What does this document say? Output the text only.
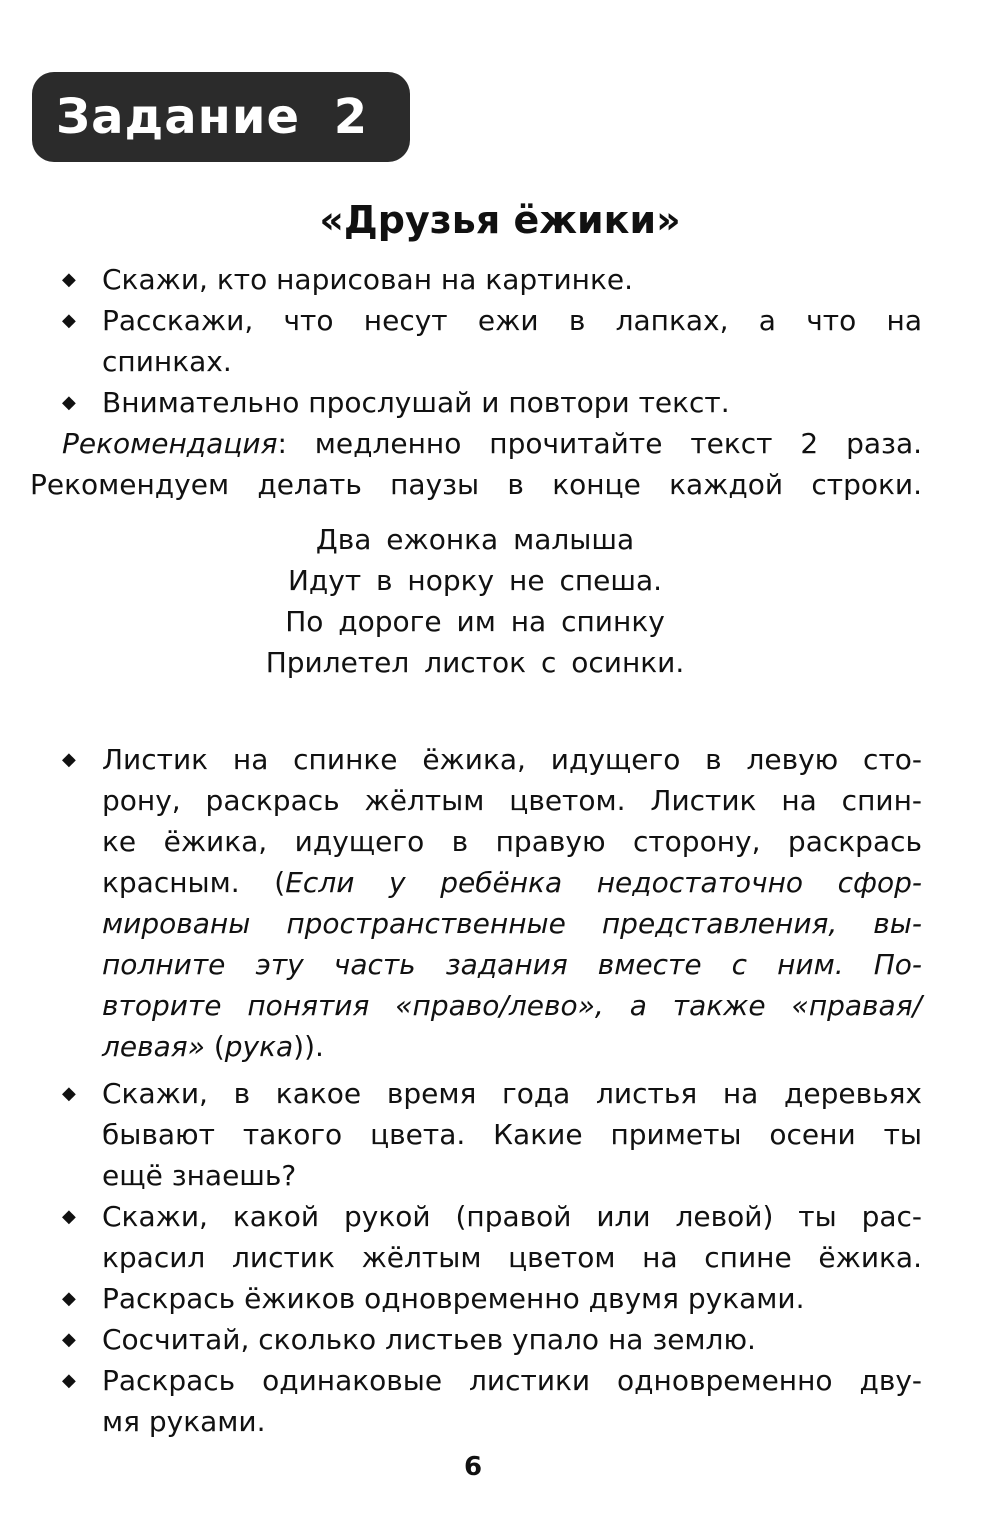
Задание 2
«Друзья ёжики»
◆ Скажи, кто нарисован на картинке.
◆ Расскажи, что несут ежи в лапках, а что на
спинках.
◆ Внимательно прослушай и повтори текст.
Рекомендация: медленно прочитайте текст 2 раза.
Рекомендуем делать паузы в конце каждой строки.
Два ежонка малыша
Идут в норку не спеша.
По дороге им на спинку
Прилетел листок с осинки.
◆ Листик на спинке ёжика, идущего в левую сто-
рону, раскрась жёлтым цветом. Листик на спин-
ке ёжика, идущего в правую сторону, раскрась
красным. (Если у ребёнка недостаточно сфор-
мированы пространственные представления, вы-
полните эту часть задания вместе с ним. По-
вторите понятия «право/лево», а также «правая/
левая» (рука)).
◆ Скажи, в какое время года листья на деревьях
бывают такого цвета. Какие приметы осени ты
ещё знаешь?
◆ Скажи, какой рукой (правой или левой) ты рас-
красил листик жёлтым цветом на спине ёжика.
◆ Раскрась ёжиков одновременно двумя руками.
◆ Сосчитай, сколько листьев упало на землю.
◆ Раскрась одинаковые листики одновременно дву-
мя руками.
6
